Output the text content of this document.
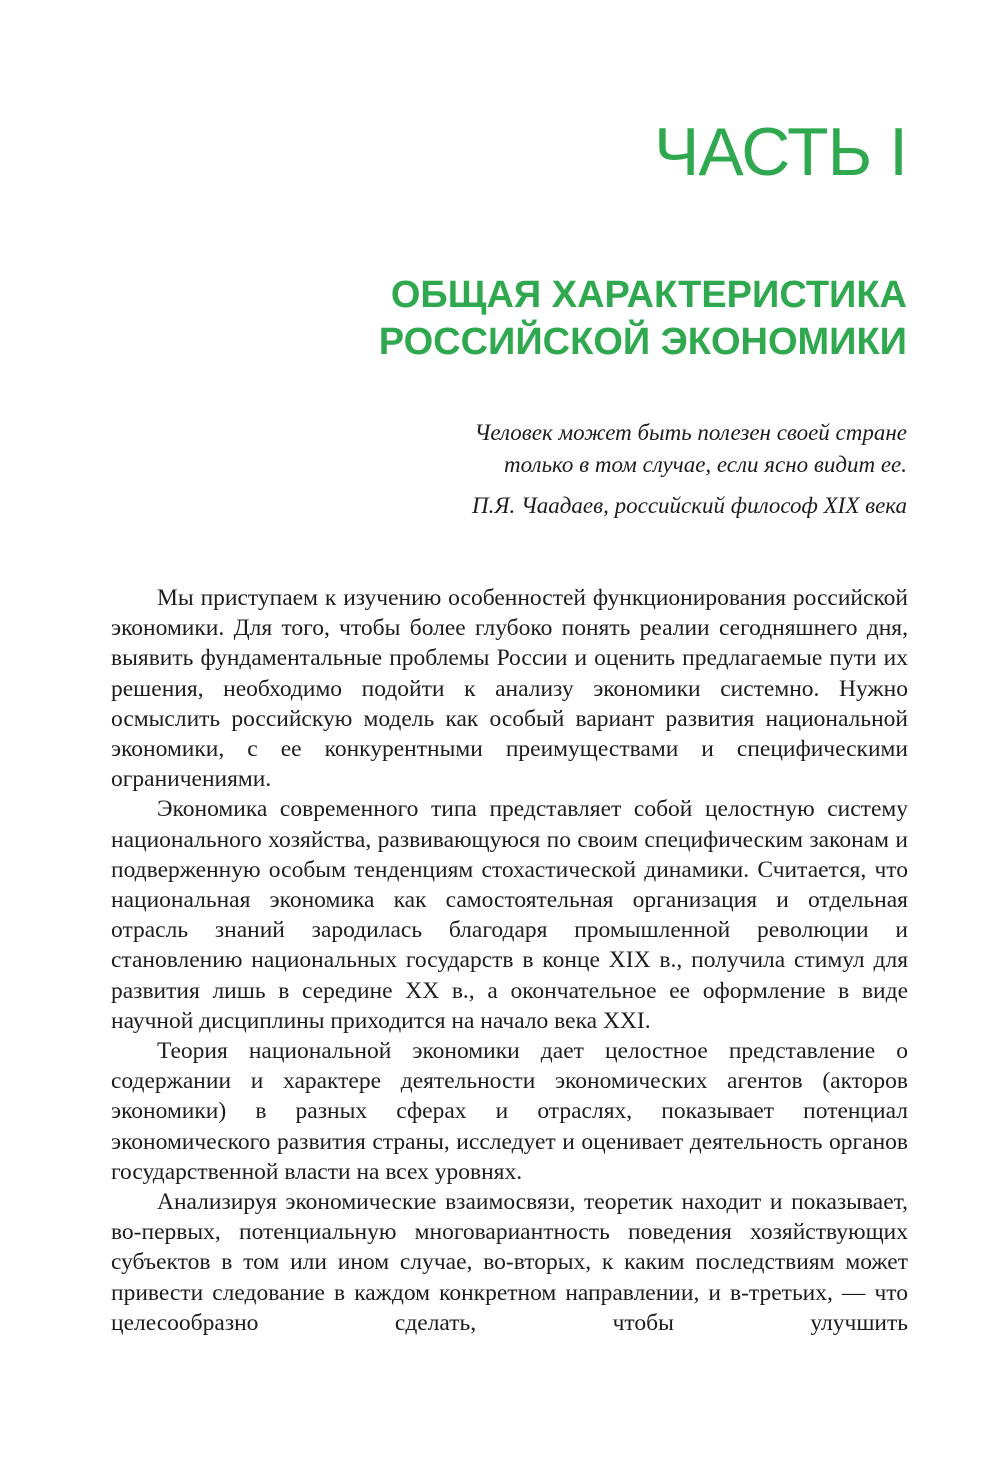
ЧАСТЬ I
ОБЩАЯ ХАРАКТЕРИСТИКА
РОССИЙСКОЙ ЭКОНОМИКИ
Человек может быть полезен своей стране
только в том случае, если ясно видит ее.
П.Я. Чаадаев, российский философ XIX века

Мы приступаем к изучению особенностей функционирования российской экономики. Для того, чтобы более глубоко понять реалии сегодняшнего дня, выявить фундаментальные проблемы России и оценить предлагаемые пути их решения, необходимо подойти к анализу экономики системно. Нужно осмыслить российскую модель как особый вариант развития национальной экономики, с ее конкурентными преимуществами и специфическими ограничениями.

Экономика современного типа представляет собой целостную систему национального хозяйства, развивающуюся по своим специфическим законам и подверженную особым тенденциям стохастической динамики. Считается, что национальная экономика как самостоятельная организация и отдельная отрасль знаний зародилась благодаря промышленной революции и становлению национальных государств в конце XIX в., получила стимул для развития лишь в середине XX в., а окончательное ее оформление в виде научной дисциплины приходится на начало века XXI.

Теория национальной экономики дает целостное представление о содержании и характере деятельности экономических агентов (акторов экономики) в разных сферах и отраслях, показывает потенциал экономического развития страны, исследует и оценивает деятельность органов государственной власти на всех уровнях.

Анализируя экономические взаимосвязи, теоретик находит и показывает, во-первых, потенциальную многовариантность поведения хозяйствующих субъектов в том или ином случае, во-вторых, к каким последствиям может привести следование в каждом конкретном направлении, и в-третьих, — что целесообразно сделать, чтобы улучшить
